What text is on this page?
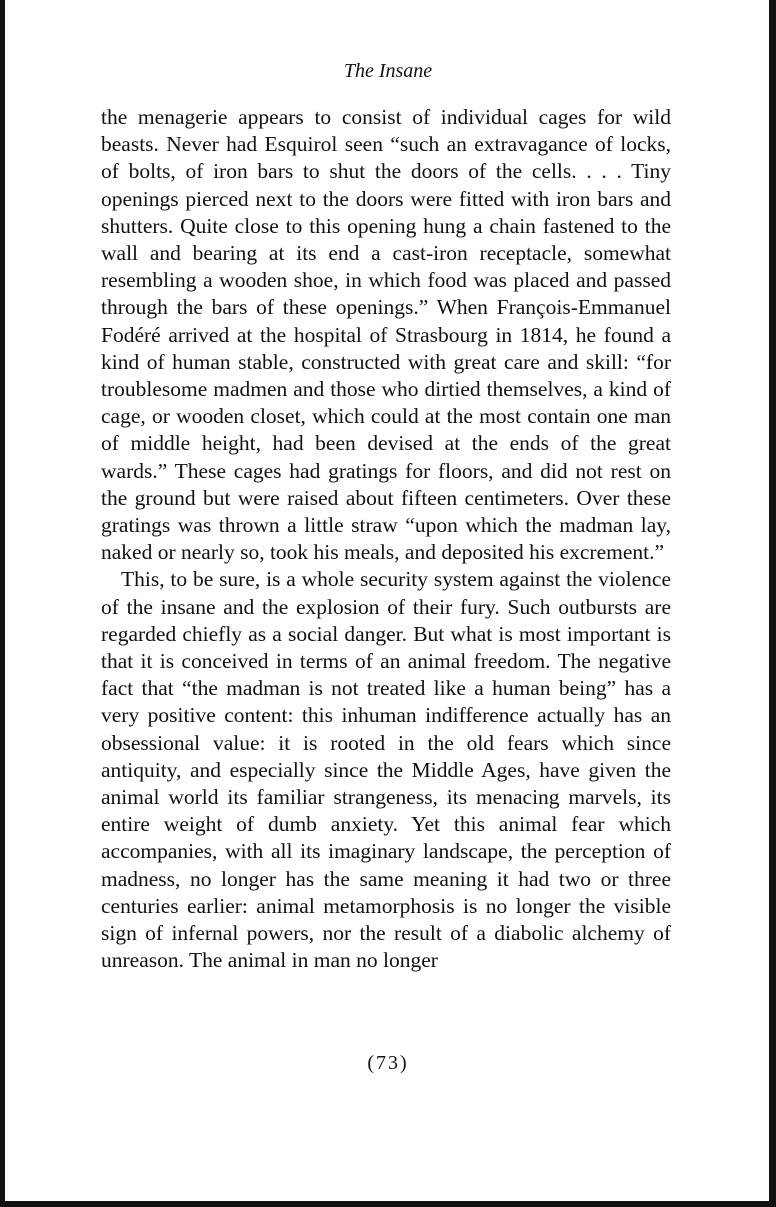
The Insane

the menagerie appears to consist of individual cages for wild beasts. Never had Esquirol seen “such an extravagance of locks, of bolts, of iron bars to shut the doors of the cells. . . . Tiny openings pierced next to the doors were fitted with iron bars and shutters. Quite close to this opening hung a chain fastened to the wall and bearing at its end a cast-iron receptacle, somewhat resembling a wooden shoe, in which food was placed and passed through the bars of these openings.” When François-Emmanuel Fodéré arrived at the hospital of Strasbourg in 1814, he found a kind of human stable, constructed with great care and skill: “for troublesome madmen and those who dirtied themselves, a kind of cage, or wooden closet, which could at the most contain one man of middle height, had been devised at the ends of the great wards.” These cages had gratings for floors, and did not rest on the ground but were raised about fifteen centimeters. Over these gratings was thrown a little straw “upon which the madman lay, naked or nearly so, took his meals, and deposited his excrement.”

This, to be sure, is a whole security system against the violence of the insane and the explosion of their fury. Such outbursts are regarded chiefly as a social danger. But what is most important is that it is conceived in terms of an animal freedom. The negative fact that “the madman is not treated like a human being” has a very positive content: this inhuman indifference actually has an obsessional value: it is rooted in the old fears which since antiquity, and especially since the Middle Ages, have given the animal world its familiar strangeness, its menacing marvels, its entire weight of dumb anxiety. Yet this animal fear which accompanies, with all its imaginary landscape, the perception of madness, no longer has the same meaning it had two or three centuries earlier: animal metamorphosis is no longer the visible sign of infernal powers, nor the result of a diabolic alchemy of unreason. The animal in man no longer

(73)
